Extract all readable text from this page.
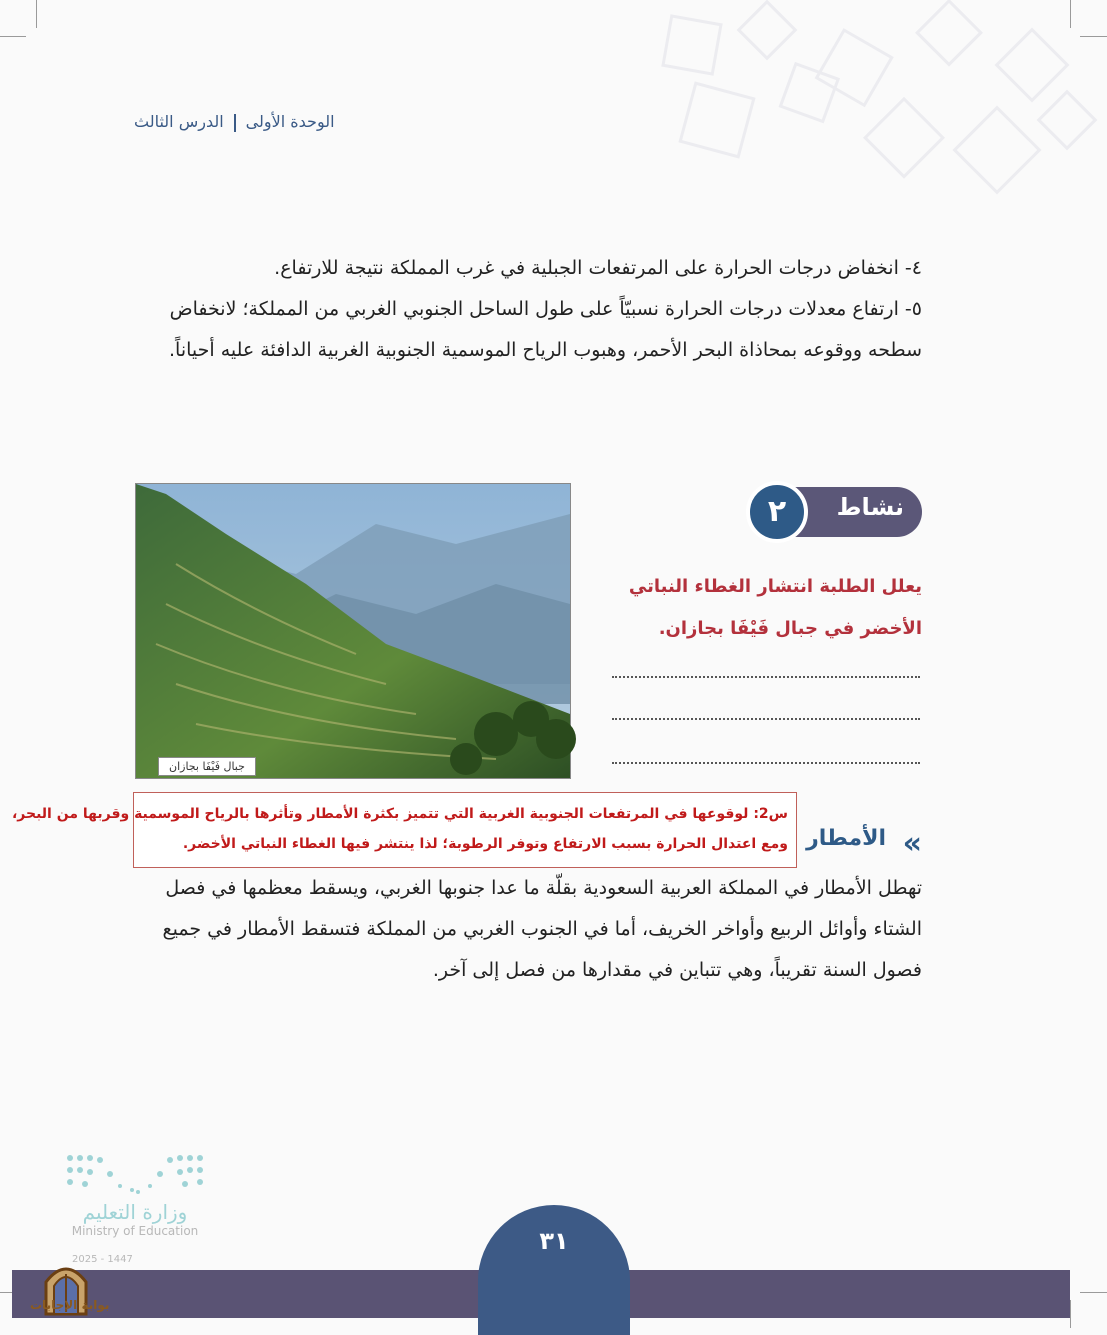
الوحدة الأولىالدرس الثالث

٤- انخفاض درجات الحرارة على المرتفعات الجبلية في غرب المملكة نتيجة للارتفاع.

٥- ارتفاع معدلات درجات الحرارة نسبيّاً على طول الساحل الجنوبي الغربي من المملكة؛ لانخفاض سطحه ووقوعه بمحاذاة البحر الأحمر، وهبوب الرياح الموسمية الجنوبية الغربية الدافئة عليه أحياناً.

جبال فَيْفَا بجازان
نشاط
٢
يعلل الطلبة انتشار الغطاء النباتي
الأخضر في جبال فَيْفَا بجازان.
س2: لوقوعها في المرتفعات الجنوبية الغربية التي تتميز بكثرة الأمطار وتأثرها بالرياح الموسمية وقربها من البحر،
ومع اعتدال الحرارة بسبب الارتفاع وتوفر الرطوبة؛ لذا ينتشر فيها الغطاء النباتي الأخضر.	«
الأمطار

تهطل الأمطار في المملكة العربية السعودية بقلّة ما عدا جنوبها الغربي، ويسقط معظمها في فصل الشتاء وأوائل الربيع وأواخر الخريف، أما في الجنوب الغربي من المملكة فتسقط الأمطار في جميع فصول السنة تقريباً، وهي تتباين في مقدارها من فصل إلى آخر.

٣١
وزارة التعليم
Ministry of Education
2025 - 1447
بوابة الإجابات
